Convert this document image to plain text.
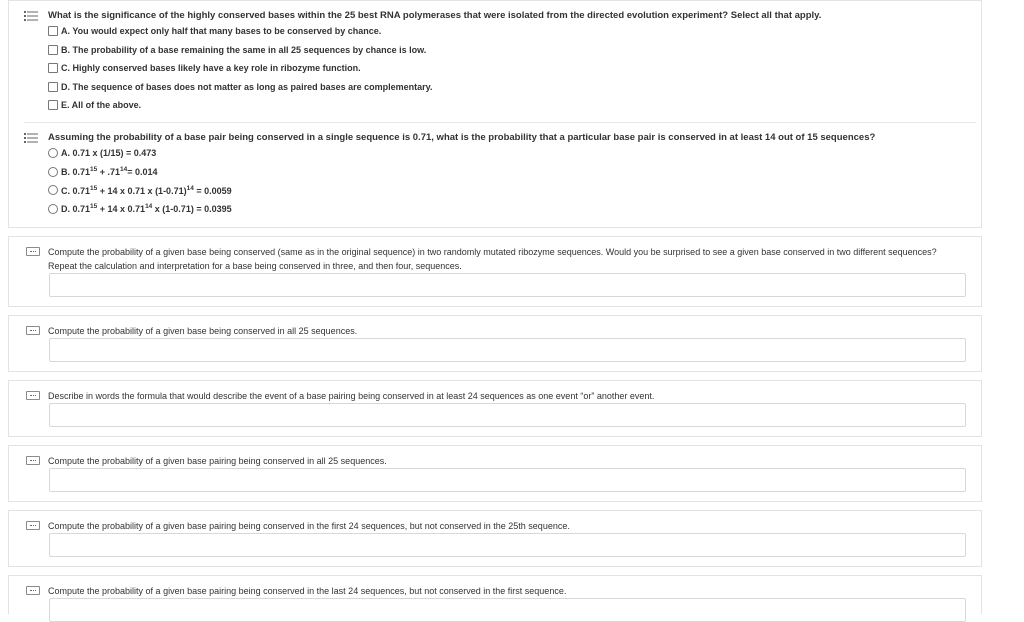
What is the significance of the highly conserved bases within the 25 best RNA polymerases that were isolated from the directed evolution experiment? Select all that apply.
A. You would expect only half that many bases to be conserved by chance.
B. The probability of a base remaining the same in all 25 sequences by chance is low.
C. Highly conserved bases likely have a key role in ribozyme function.
D. The sequence of bases does not matter as long as paired bases are complementary.
E. All of the above.
Assuming the probability of a base pair being conserved in a single sequence is 0.71, what is the probability that a particular base pair is conserved in at least 14 out of 15 sequences?
A. 0.71 x (1/15) = 0.473
B. $0.71^{15} + .71^{14}= 0.014$
C. $0.71^{15} + 14$ x 0.71 x $(1-0.71)^{14} = 0.0059$
D. $0.71^{15} + 14$ x 0.71$^{14}$ x (1-0.71) = 0.0395
Compute the probability of a given base being conserved (same as in the original sequence) in two randomly mutated ribozyme sequences. Would you be surprised to see a given base conserved in two different sequences? Repeat the calculation and interpretation for a base being conserved in three, and then four, sequences.
Compute the probability of a given base being conserved in all 25 sequences.
Describe in words the formula that would describe the event of a base pairing being conserved in at least 24 sequences as one event “or” another event.
Compute the probability of a given base pairing being conserved in all 25 sequences.
Compute the probability of a given base pairing being conserved in the first 24 sequences, but not conserved in the 25th sequence.
Compute the probability of a given base pairing being conserved in the last 24 sequences, but not conserved in the first sequence.
